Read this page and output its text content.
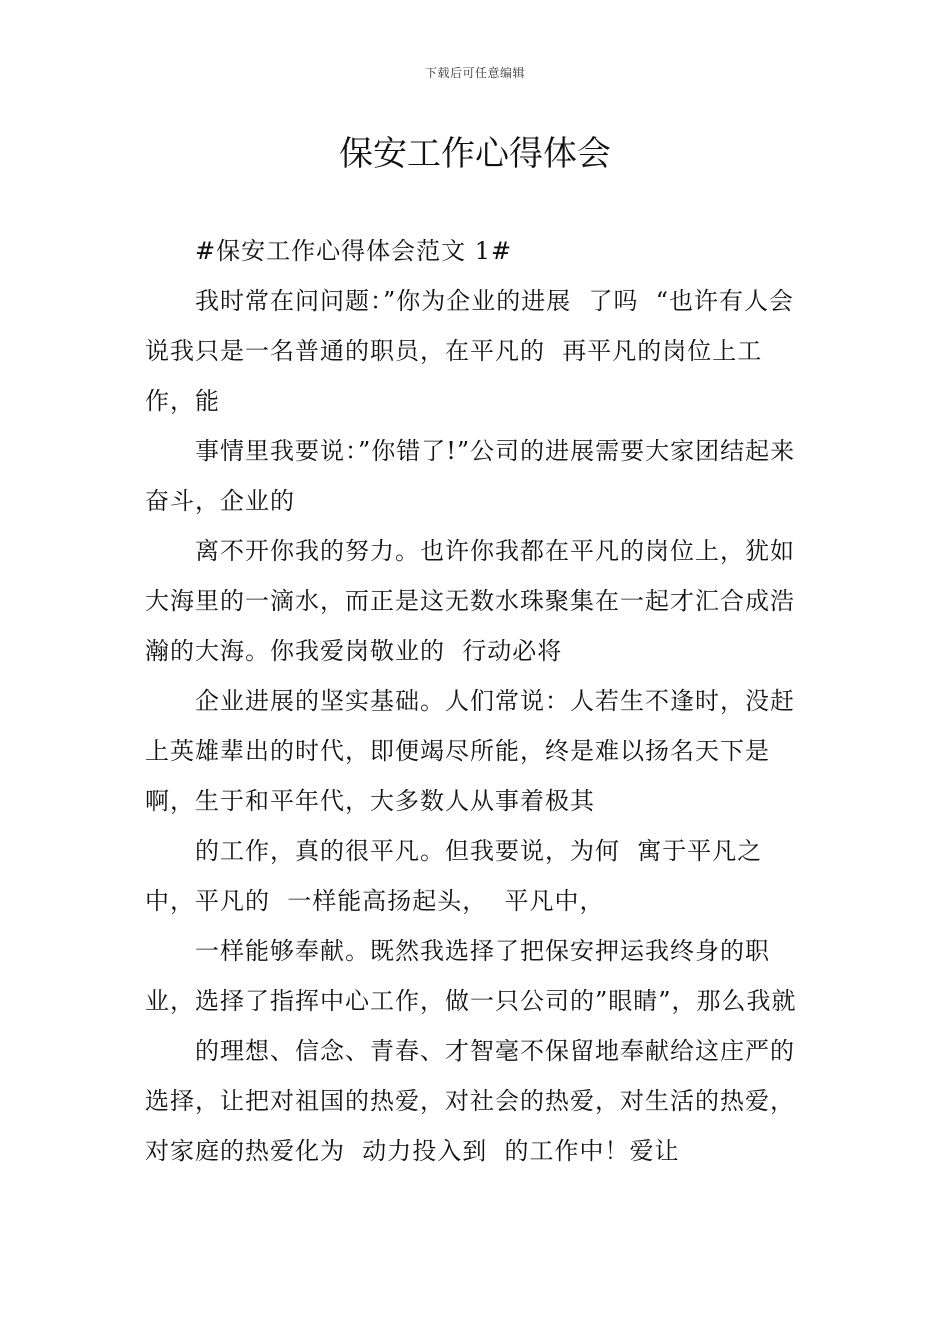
下载后可任意编辑
保安工作心得体会

#保安工作心得体会范文 1#

我时常在问问题：”你为企业的进展  了吗  “也许有人会说我只是一名普通的职员，在平凡的  再平凡的岗位上工作，能

事情里我要说：”你错了!”公司的进展需要大家团结起来  奋斗，企业的

离不开你我的努力。也许你我都在平凡的岗位上，犹如大海里的一滴水，而正是这无数水珠聚集在一起才汇合成浩瀚的大海。你我爱岗敬业的  行动必将

企业进展的坚实基础。人们常说：人若生不逢时，没赶上英雄辈出的时代，即便竭尽所能，终是难以扬名天下是啊，生于和平年代，大多数人从事着极其

的工作，真的很平凡。但我要说，为何  寓于平凡之中，平凡的  一样能高扬起头，  平凡中，

一样能够奉献。既然我选择了把保安押运我终身的职业，选择了指挥中心工作，做一只公司的”眼睛”，那么我就

的理想、信念、青春、才智毫不保留地奉献给这庄严的选择，让把对祖国的热爱，对社会的热爱，对生活的热爱，对家庭的热爱化为  动力投入到  的工作中！爱让
